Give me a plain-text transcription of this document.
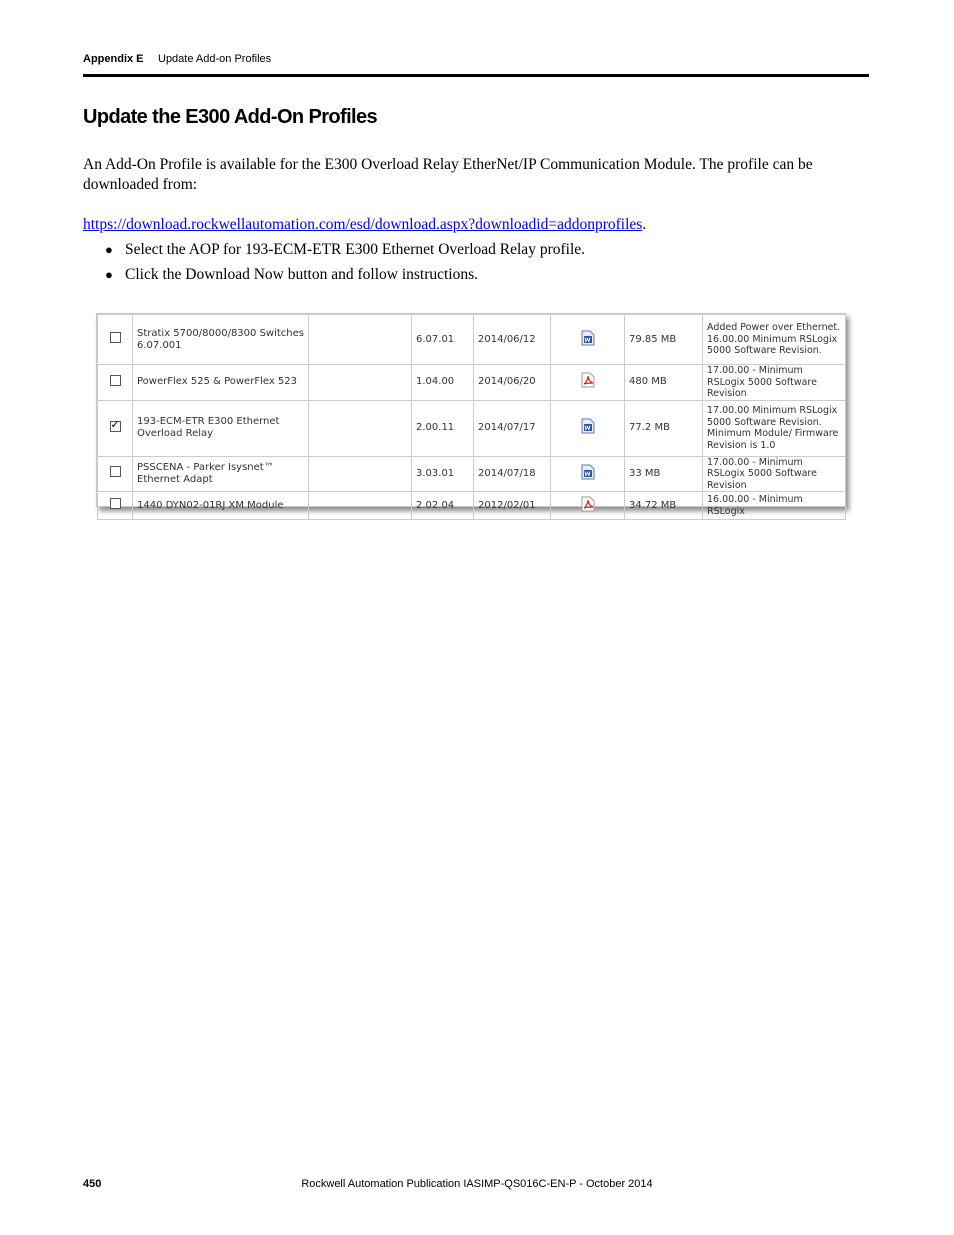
Appendix E Update Add-on Profiles
Update the E300 Add-On Profiles

An Add-On Profile is available for the E300 Overload Relay EtherNet/IP Communication Module. The profile can be downloaded from:

https://download.rockwellautomation.com/esd/download.aspx?downloadid=addonprofiles.
● Select the AOP for 193-ECM-ETR E300 Ethernet Overload Relay profile.
● Click the Download Now button and follow instructions.
	Stratix 5700/8000/8300 Switches 6.07.001		6.07.01	2014/06/12		79.85 MB	Added Power over Ethernet. 16.00.00 Minimum RSLogix 5000 Software Revision.
	PowerFlex 525 & PowerFlex 523		1.04.00	2014/06/20		480 MB	17.00.00 - Minimum RSLogix 5000 Software Revision
✓	193-ECM-ETR E300 Ethernet Overload Relay		2.00.11	2014/07/17		77.2 MB	17.00.00 Minimum RSLogix 5000 Software Revision. Minimum Module/ Firmware Revision is 1.0
	PSSCENA - Parker Isysnet™ Ethernet Adapt		3.03.01	2014/07/18		33 MB	17.00.00 - Minimum RSLogix 5000 Software Revision
	1440 DYN02-01RJ XM Module		2.02.04	2012/02/01		34.72 MB	16.00.00 - Minimum RSLogix
450	Rockwell Automation Publication IASIMP-QS016C-EN-P - October 2014
